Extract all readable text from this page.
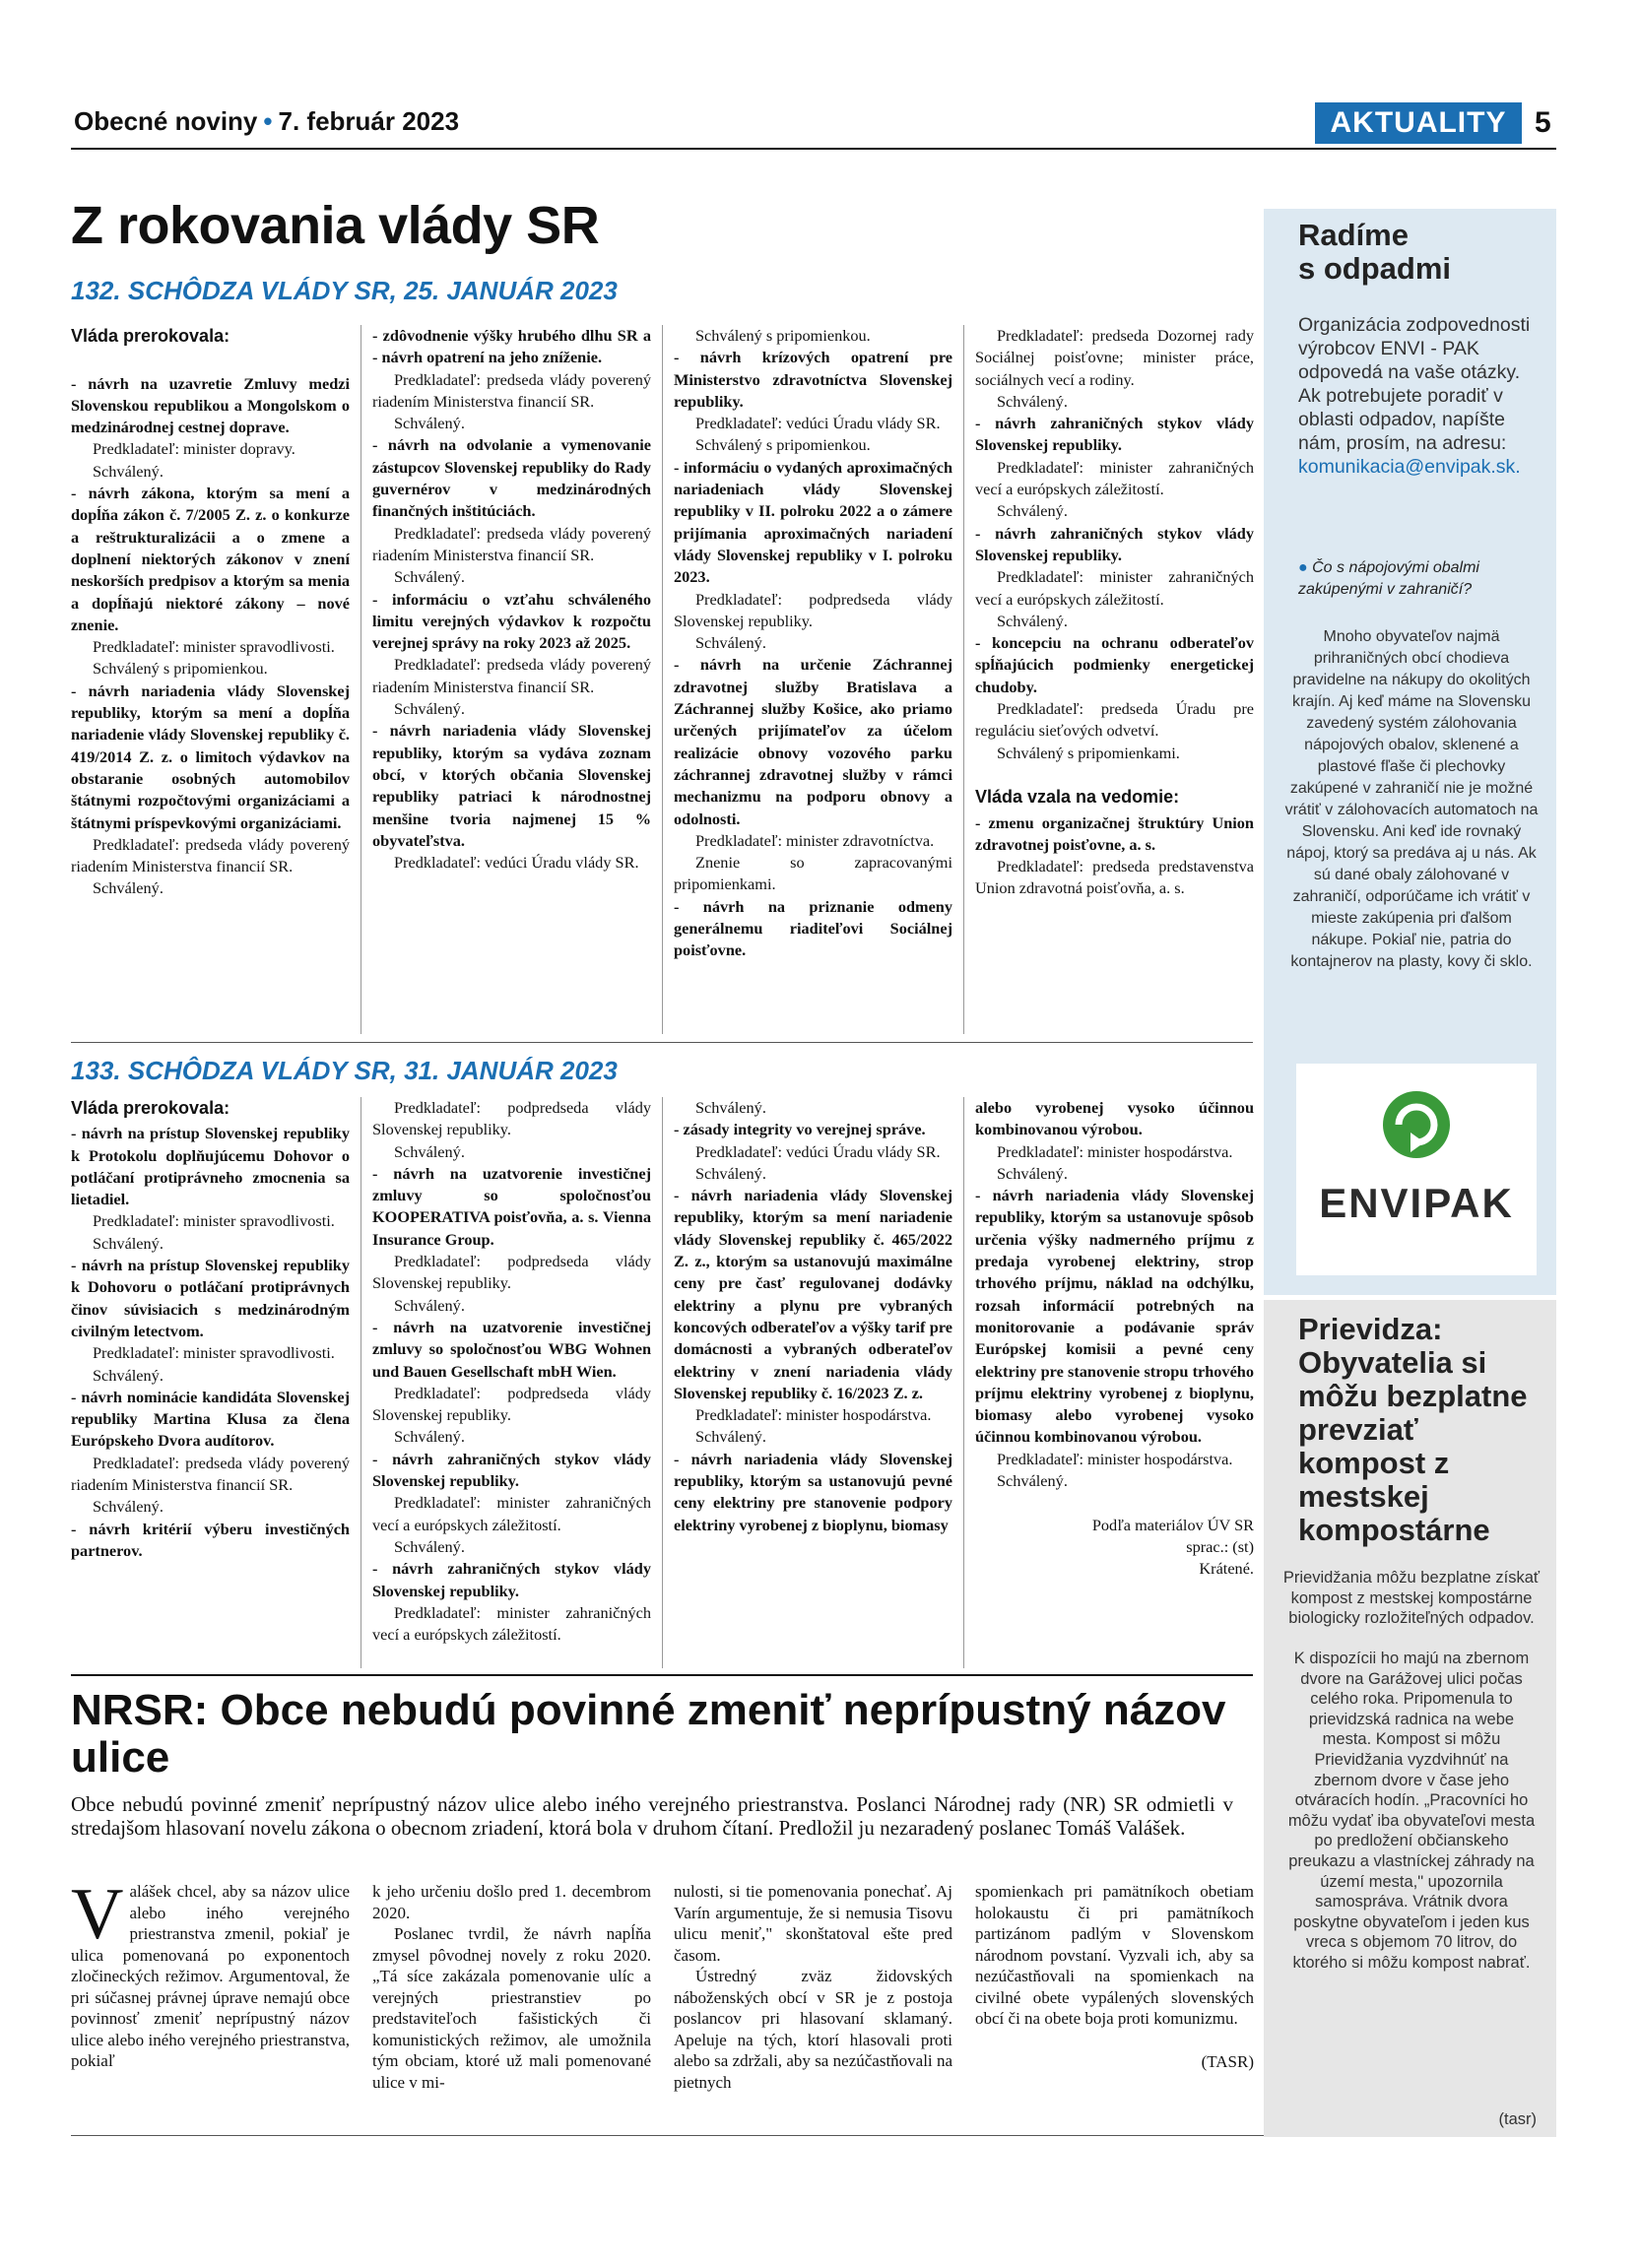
Obecné noviny • 7. február 2023	AKTUALITY 5
Z rokovania vlády SR
132. SCHÔDZA VLÁDY SR, 25. JANUÁR 2023

Vláda prerokovala:

- návrh na uzavretie Zmluvy medzi Slovenskou republikou a Mongolskom o medzinárodnej cestnej doprave.

Predkladateľ: minister dopravy.

Schválený.

- návrh zákona, ktorým sa mení a dopĺňa zákon č. 7/2005 Z. z. o konkurze a reštrukturalizácii a o zmene a doplnení niektorých zákonov v znení neskorších predpisov a ktorým sa menia a dopĺňajú niektoré zákony – nové znenie.

Predkladateľ: minister spravodlivosti.

Schválený s pripomienkou.

- návrh nariadenia vlády Slovenskej republiky, ktorým sa mení a dopĺňa nariadenie vlády Slovenskej republiky č. 419/2014 Z. z. o limitoch výdavkov na obstaranie osobných automobilov štátnymi rozpočtovými organizáciami a štátnymi príspevkovými organizáciami.

Predkladateľ: predseda vlády poverený riadením Ministerstva financií SR.

Schválený.

- zdôvodnenie výšky hrubého dlhu SR a - návrh opatrení na jeho zníženie.

Predkladateľ: predseda vlády poverený riadením Ministerstva financií SR.

Schválený.

- návrh na odvolanie a vymenovanie zástupcov Slovenskej republiky do Rady guvernérov v medzinárodných finančných inštitúciách.

Predkladateľ: predseda vlády poverený riadením Ministerstva financií SR.

Schválený.

- informáciu o vzťahu schváleného limitu verejných výdavkov k rozpočtu verejnej správy na roky 2023 až 2025.

Predkladateľ: predseda vlády poverený riadením Ministerstva financií SR.

Schválený.

- návrh nariadenia vlády Slovenskej republiky, ktorým sa vydáva zoznam obcí, v ktorých občania Slovenskej republiky patriaci k národnostnej menšine tvoria najmenej 15 % obyvateľstva.

Predkladateľ: vedúci Úradu vlády SR.

Schválený s pripomienkou.

- návrh krízových opatrení pre Ministerstvo zdravotníctva Slovenskej republiky.

Predkladateľ: vedúci Úradu vlády SR.

Schválený s pripomienkou.

- informáciu o vydaných aproximačných nariadeniach vlády Slovenskej republiky v II. polroku 2022 a o zámere prijímania aproximačných nariadení vlády Slovenskej republiky v I. polroku 2023.

Predkladateľ: podpredseda vlády Slovenskej republiky.

Schválený.

- návrh na určenie Záchrannej zdravotnej služby Bratislava a Záchrannej služby Košice, ako priamo určených prijímateľov za účelom realizácie obnovy vozového parku záchrannej zdravotnej služby v rámci mechanizmu na podporu obnovy a odolnosti.

Predkladateľ: minister zdravotníctva.

Znenie so zapracovanými pripomienkami.

- návrh na priznanie odmeny generálnemu riaditeľovi Sociálnej poisťovne.

Predkladateľ: predseda Dozornej rady Sociálnej poisťovne; minister práce, sociálnych vecí a rodiny.

Schválený.

- návrh zahraničných stykov vlády Slovenskej republiky.

Predkladateľ: minister zahraničných vecí a európskych záležitostí.

Schválený.

- návrh zahraničných stykov vlády Slovenskej republiky.

Predkladateľ: minister zahraničných vecí a európskych záležitostí.

Schválený.

- koncepciu na ochranu odberateľov spĺňajúcich podmienky energetickej chudoby.

Predkladateľ: predseda Úradu pre reguláciu sieťových odvetví.

Schválený s pripomienkami.

Vláda vzala na vedomie:

- zmenu organizačnej štruktúry Union zdravotnej poisťovne, a. s.

Predkladateľ: predseda predstavenstva Union zdravotná poisťovňa, a. s.

133. SCHÔDZA VLÁDY SR, 31. JANUÁR 2023

Vláda prerokovala:

- návrh na prístup Slovenskej republiky k Protokolu doplňujúcemu Dohovor o potláčaní protiprávneho zmocnenia sa lietadiel.

Predkladateľ: minister spravodlivosti.

Schválený.

- návrh na prístup Slovenskej republiky k Dohovoru o potláčaní protiprávnych činov súvisiacich s medzinárodným civilným letectvom.

Predkladateľ: minister spravodlivosti.

Schválený.

- návrh nominácie kandidáta Slovenskej republiky Martina Klusa za člena Európskeho Dvora audítorov.

Predkladateľ: predseda vlády poverený riadením Ministerstva financií SR.

Schválený.

- návrh kritérií výberu investičných partnerov.

Predkladateľ: podpredseda vlády Slovenskej republiky.

Schválený.

- návrh na uzatvorenie investičnej zmluvy so spoločnosťou KOOPERATIVA poisťovňa, a. s. Vienna Insurance Group.

Predkladateľ: podpredseda vlády Slovenskej republiky.

Schválený.

- návrh na uzatvorenie investičnej zmluvy so spoločnosťou WBG Wohnen und Bauen Gesellschaft mbH Wien.

Predkladateľ: podpredseda vlády Slovenskej republiky.

Schválený.

- návrh zahraničných stykov vlády Slovenskej republiky.

Predkladateľ: minister zahraničných vecí a európskych záležitostí.

Schválený.

- návrh zahraničných stykov vlády Slovenskej republiky.

Predkladateľ: minister zahraničných vecí a európskych záležitostí.

Schválený.

- zásady integrity vo verejnej správe.

Predkladateľ: vedúci Úradu vlády SR.

Schválený.

- návrh nariadenia vlády Slovenskej republiky, ktorým sa mení nariadenie vlády Slovenskej republiky č. 465/2022 Z. z., ktorým sa ustanovujú maximálne ceny pre časť regulovanej dodávky elektriny a plynu pre vybraných koncových odberateľov a výšky tarif pre domácnosti a vybraných odberateľov elektriny v znení nariadenia vlády Slovenskej republiky č. 16/2023 Z. z.

Predkladateľ: minister hospodárstva.

Schválený.

- návrh nariadenia vlády Slovenskej republiky, ktorým sa ustanovujú pevné ceny elektriny pre stanovenie podpory elektriny vyrobenej z bioplynu, biomasy

alebo vyrobenej vysoko účinnou kombinovanou výrobou.

Predkladateľ: minister hospodárstva.

Schválený.

- návrh nariadenia vlády Slovenskej republiky, ktorým sa ustanovuje spôsob určenia výšky nadmerného príjmu z predaja vyrobenej elektriny, strop trhového príjmu, náklad na odchýlku, rozsah informácií potrebných na monitorovanie a podávanie správ Európskej komisii a pevné ceny elektriny pre stanovenie stropu trhového príjmu elektriny vyrobenej z bioplynu, biomasy alebo vyrobenej vysoko účinnou kombinovanou výrobou.

Predkladateľ: minister hospodárstva.

Schválený.

Podľa materiálov ÚV SR

sprac.: (st)

Krátené.

NRSR: Obce nebudú povinné zmeniť neprípustný názov ulice
Obce nebudú povinné zmeniť neprípustný názov ulice alebo iného verejného priestranstva. Poslanci Národnej rady (NR) SR odmietli v stredajšom hlasovaní novelu zákona o obecnom zriadení, ktorá bola v druhom čítaní. Predložil ju nezaradený poslanec Tomáš Valášek.

Valášek chcel, aby sa názov ulice alebo iného verejného priestranstva zmenil, pokiaľ je ulica pomenovaná po exponentoch zločineckých režimov. Argumentoval, že pri súčasnej právnej úprave nemajú obce povinnosť zmeniť neprípustný názov ulice alebo iného verejného priestranstva, pokiaľ

k jeho určeniu došlo pred 1. decembrom 2020.

Poslanec tvrdil, že návrh napĺňa zmysel pôvodnej novely z roku 2020. „Tá síce zakázala pomenovanie ulíc a verejných priestranstiev po predstaviteľoch fašistických či komunistických režimov, ale umožnila tým obciam, ktoré už mali pomenované ulice v mi-

nulosti, si tie pomenovania ponechať. Aj Varín argumentuje, že si nemusia Tisovu ulicu meniť," skonštatoval ešte pred časom.

Ústredný zväz židovských náboženských obcí v SR je z postoja poslancov pri hlasovaní sklamaný. Apeluje na tých, ktorí hlasovali proti alebo sa zdržali, aby sa nezúčastňovali na pietnych

spomienkach pri pamätníkoch obetiam holokaustu či pri pamätníkoch partizánom padlým v Slovenskom národnom povstaní. Vyzvali ich, aby sa nezúčastňovali na spomienkach na civilné obete vypálených slovenských obcí či na obete boja proti komunizmu.

(TASR)

Radíme
s odpadmi
Organizácia zodpovednosti výrobcov ENVI - PAK odpovedá na vaše otázky. Ak potrebujete poradiť v oblasti odpadov, napíšte nám, prosím, na adresu: komunikacia@envipak.sk.
● Čo s nápojovými obalmi zakúpenými v zahraničí?
Mnoho obyvateľov najmä prihraničných obcí chodieva pravidelne na nákupy do okolitých krajín. Aj keď máme na Slovensku zavedený systém zálohovania nápojových obalov, sklenené a plastové fľaše či plechovky zakúpené v zahraničí nie je možné vrátiť v zálohovacích automatoch na Slovensku. Ani keď ide rovnaký nápoj, ktorý sa predáva aj u nás. Ak sú dané obaly zálohované v zahraničí, odporúčame ich vrátiť v mieste zakúpenia pri ďalšom nákupe. Pokiaľ nie, patria do kontajnerov na plasty, kovy či sklo.
ENVIPAK
Prievidza: Obyvatelia si môžu bezplatne prevziať kompost z mestskej kompostárne
Prievidžania môžu bezplatne získať kompost z mestskej kompostárne biologicky rozložiteľných odpadov.
K dispozícii ho majú na zbernom dvore na Garážovej ulici počas celého roka. Pripomenula to prievidzská radnica na webe mesta. Kompost si môžu Prievidžania vyzdvihnúť na zbernom dvore v čase jeho otváracích hodín. „Pracovníci ho môžu vydať iba obyvateľovi mesta po predložení občianskeho preukazu a vlastníckej záhrady na území mesta," upozornila samospráva. Vrátnik dvora poskytne obyvateľom i jeden kus vreca s objemom 70 litrov, do ktorého si môžu kompost nabrať.
(tasr)
